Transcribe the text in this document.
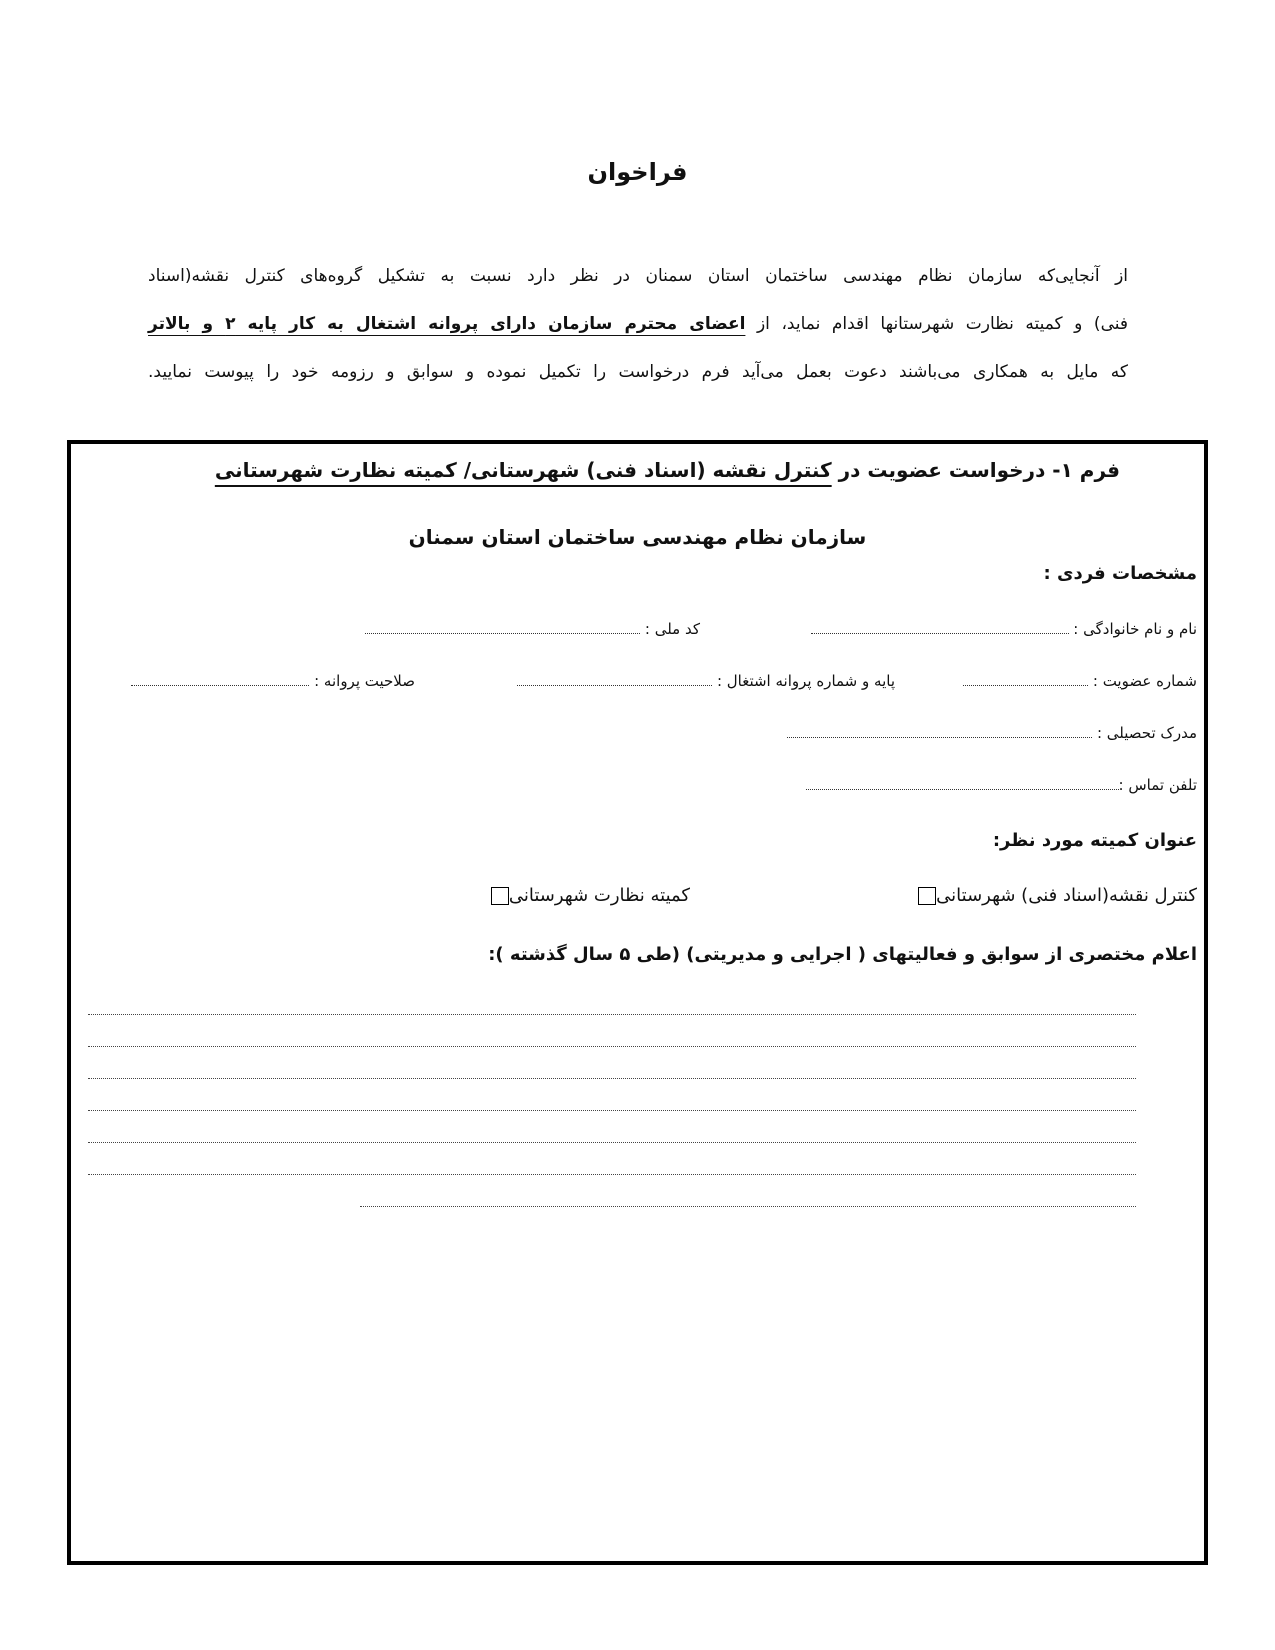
فراخوان
از آنجایی‌که سازمان نظام مهندسی ساختمان استان سمنان در نظر دارد نسبت به تشکیل گروه‌های کنترل نقشه(اسناد
فنی) و کمیته نظارت شهرستانها اقدام نماید، از اعضای محترم سازمان دارای پروانه اشتغال به کار پایه ۲ و بالاتر
که مایل به همکاری می‌باشند دعوت بعمل می‌آید فرم درخواست را تکمیل نموده و سوابق و رزومه خود را پیوست نمایید.
فرم ۱- درخواست عضویت در کنترل نقشه (اسناد فنی) شهرستانی/ کمیته نظارت شهرستانی
سازمان نظام مهندسی ساختمان استان سمنان
مشخصات فردی :
نام و نام خانوادگی :
کد ملی :
شماره عضویت :
پایه و شماره پروانه اشتغال :
صلاحیت پروانه :
مدرک تحصیلی :
تلفن تماس :
عنوان کمیته مورد نظر:
کنترل نقشه(اسناد فنی) شهرستانی
کمیته نظارت شهرستانی
اعلام مختصری از سوابق و فعالیتهای ( اجرایی و مدیریتی) (طی ۵ سال گذشته ):
